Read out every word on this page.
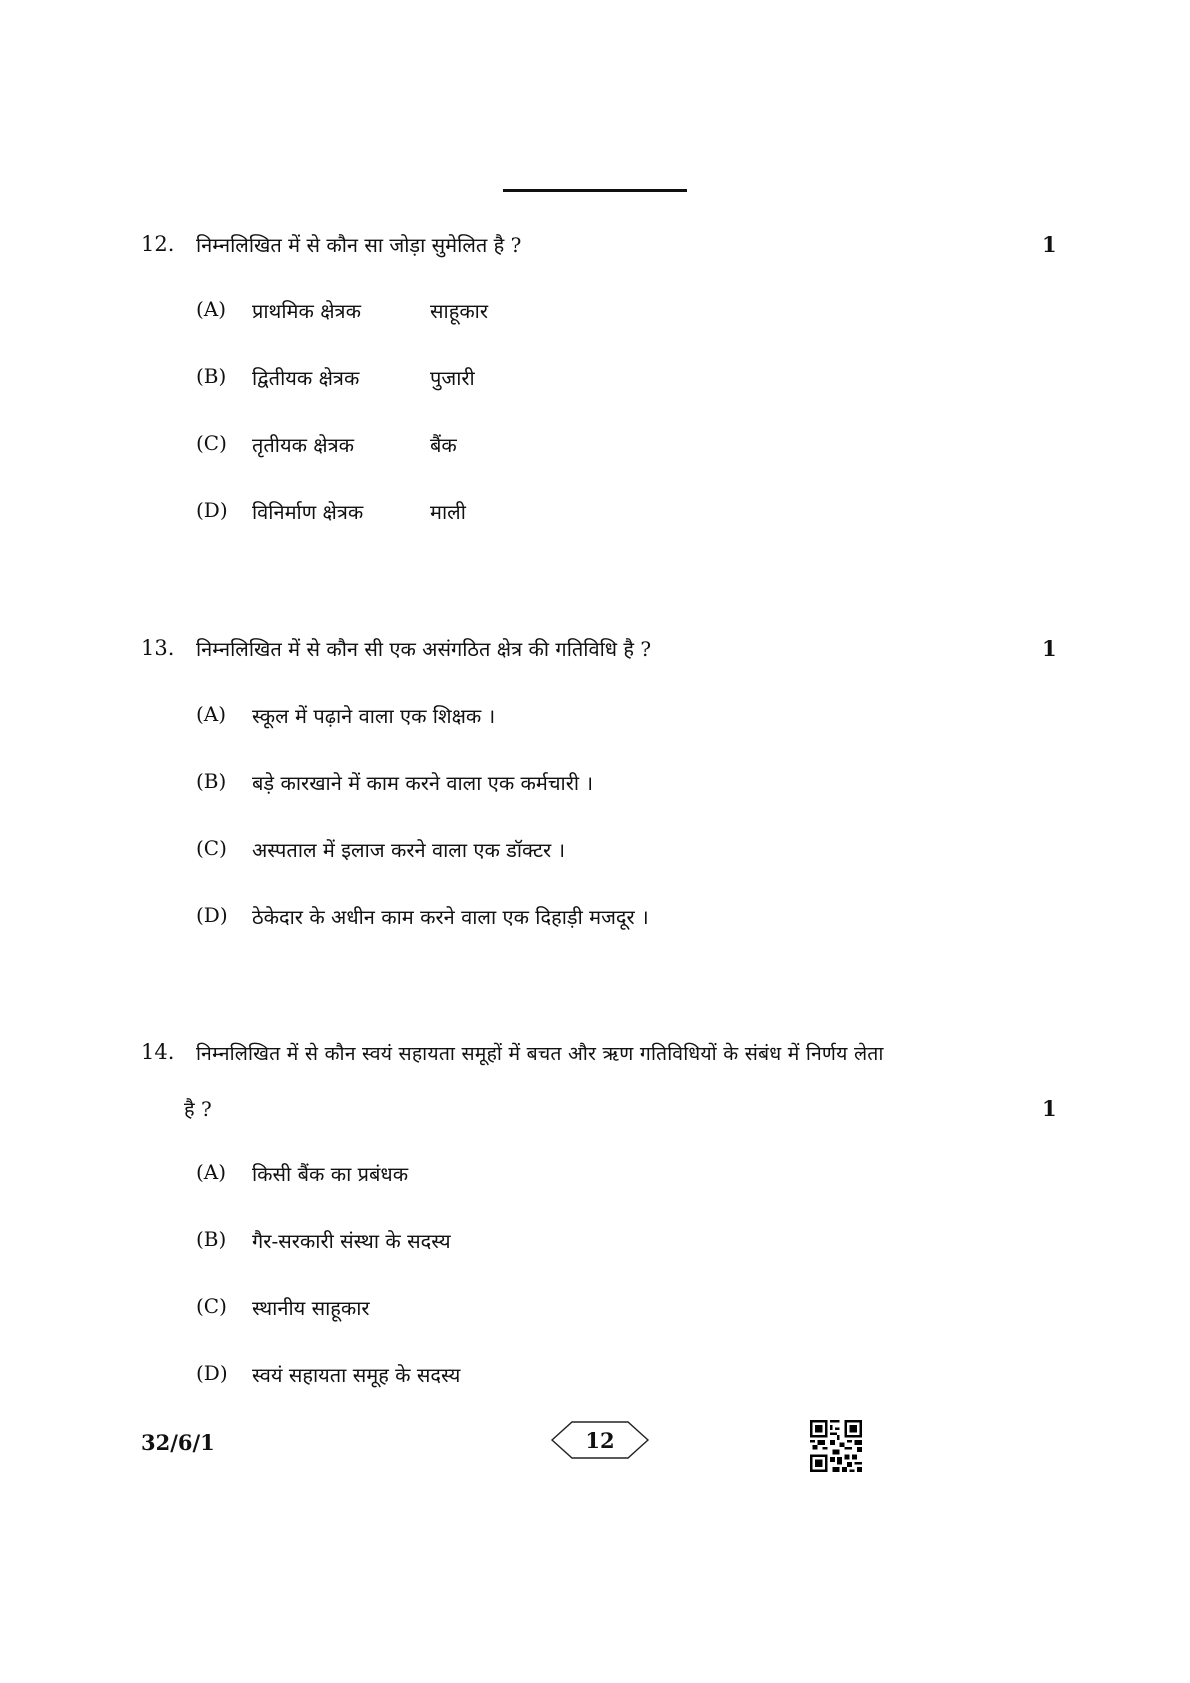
12. निम्नलिखित में से कौन सा जोड़ा सुमेलित है ?	1
(A) प्राथमिक क्षेत्रक	साहूकार
(B) द्वितीयक क्षेत्रक	पुजारी
(C) तृतीयक क्षेत्रक	बैंक
(D) विनिर्माण क्षेत्रक	माली
13. निम्नलिखित में से कौन सी एक असंगठित क्षेत्र की गतिविधि है ?	1
(A) स्कूल में पढ़ाने वाला एक शिक्षक ।
(B) बड़े कारखाने में काम करने वाला एक कर्मचारी ।
(C) अस्पताल में इलाज करने वाला एक डॉक्टर ।
(D) ठेकेदार के अधीन काम करने वाला एक दिहाड़ी मजदूर ।
14. निम्नलिखित में से कौन स्वयं सहायता समूहों में बचत और ऋण गतिविधियों के संबंध में निर्णय लेता
है ?	1
(A) किसी बैंक का प्रबंधक
(B) गैर-सरकारी संस्था के सदस्य
(C) स्थानीय साहूकार
(D) स्वयं सहायता समूह के सदस्य
32/6/1	12
